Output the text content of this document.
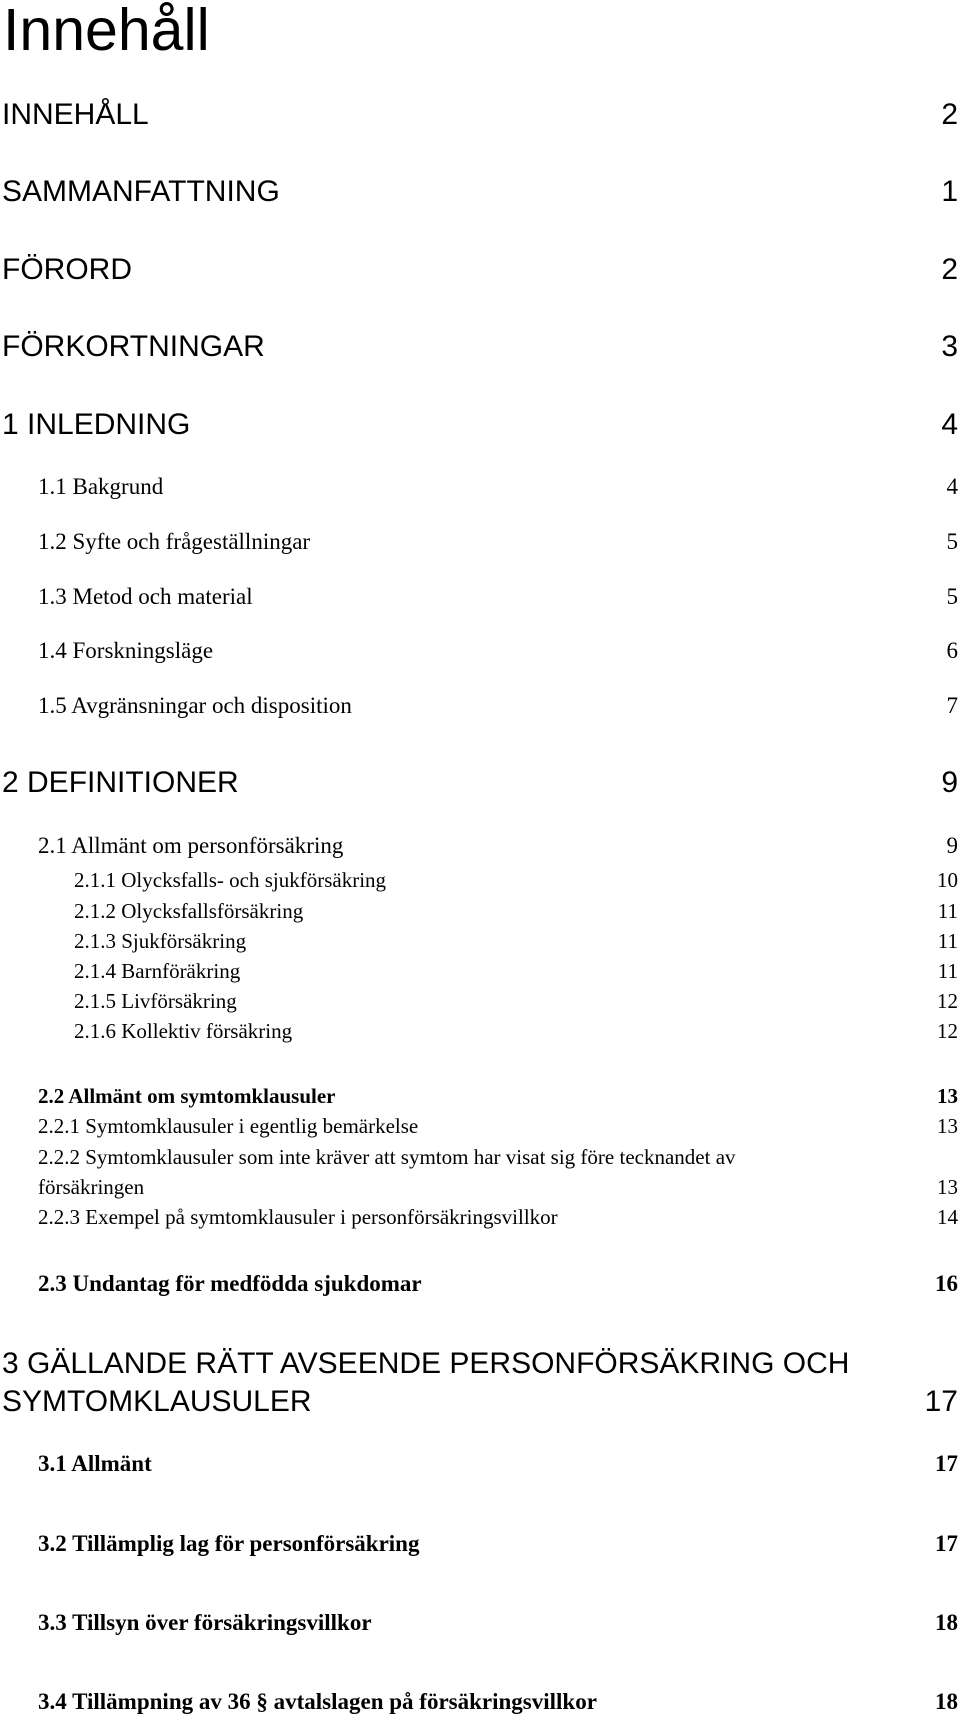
Innehåll
INNEHÅLL	2
SAMMANFATTNING	1
FÖRORD	2
FÖRKORTNINGAR	3
1 INLEDNING	4
1.1 Bakgrund	4
1.2 Syfte och frågeställningar	5
1.3 Metod och material	5
1.4 Forskningsläge	6
1.5 Avgränsningar och disposition	7
2 DEFINITIONER	9
2.1 Allmänt om personförsäkring	9
2.1.1 Olycksfalls- och sjukförsäkring	10
2.1.2 Olycksfallsförsäkring	11
2.1.3 Sjukförsäkring	11
2.1.4 Barnföräkring	11
2.1.5 Livförsäkring	12
2.1.6 Kollektiv försäkring	12
2.2 Allmänt om symtomklausuler	13
2.2.1 Symtomklausuler i egentlig bemärkelse	13
2.2.2 Symtomklausuler som inte kräver att symtom har visat sig före tecknandet av
försäkringen	13
2.2.3 Exempel på symtomklausuler i personförsäkringsvillkor	14
2.3 Undantag för medfödda sjukdomar	16
3 GÄLLANDE RÄTT AVSEENDE PERSONFÖRSÄKRING OCH
SYMTOMKLAUSULER	17
3.1 Allmänt	17
3.2 Tillämplig lag för personförsäkring	17
3.3 Tillsyn över försäkringsvillkor	18
3.4 Tillämpning av 36 § avtalslagen på försäkringsvillkor	18
